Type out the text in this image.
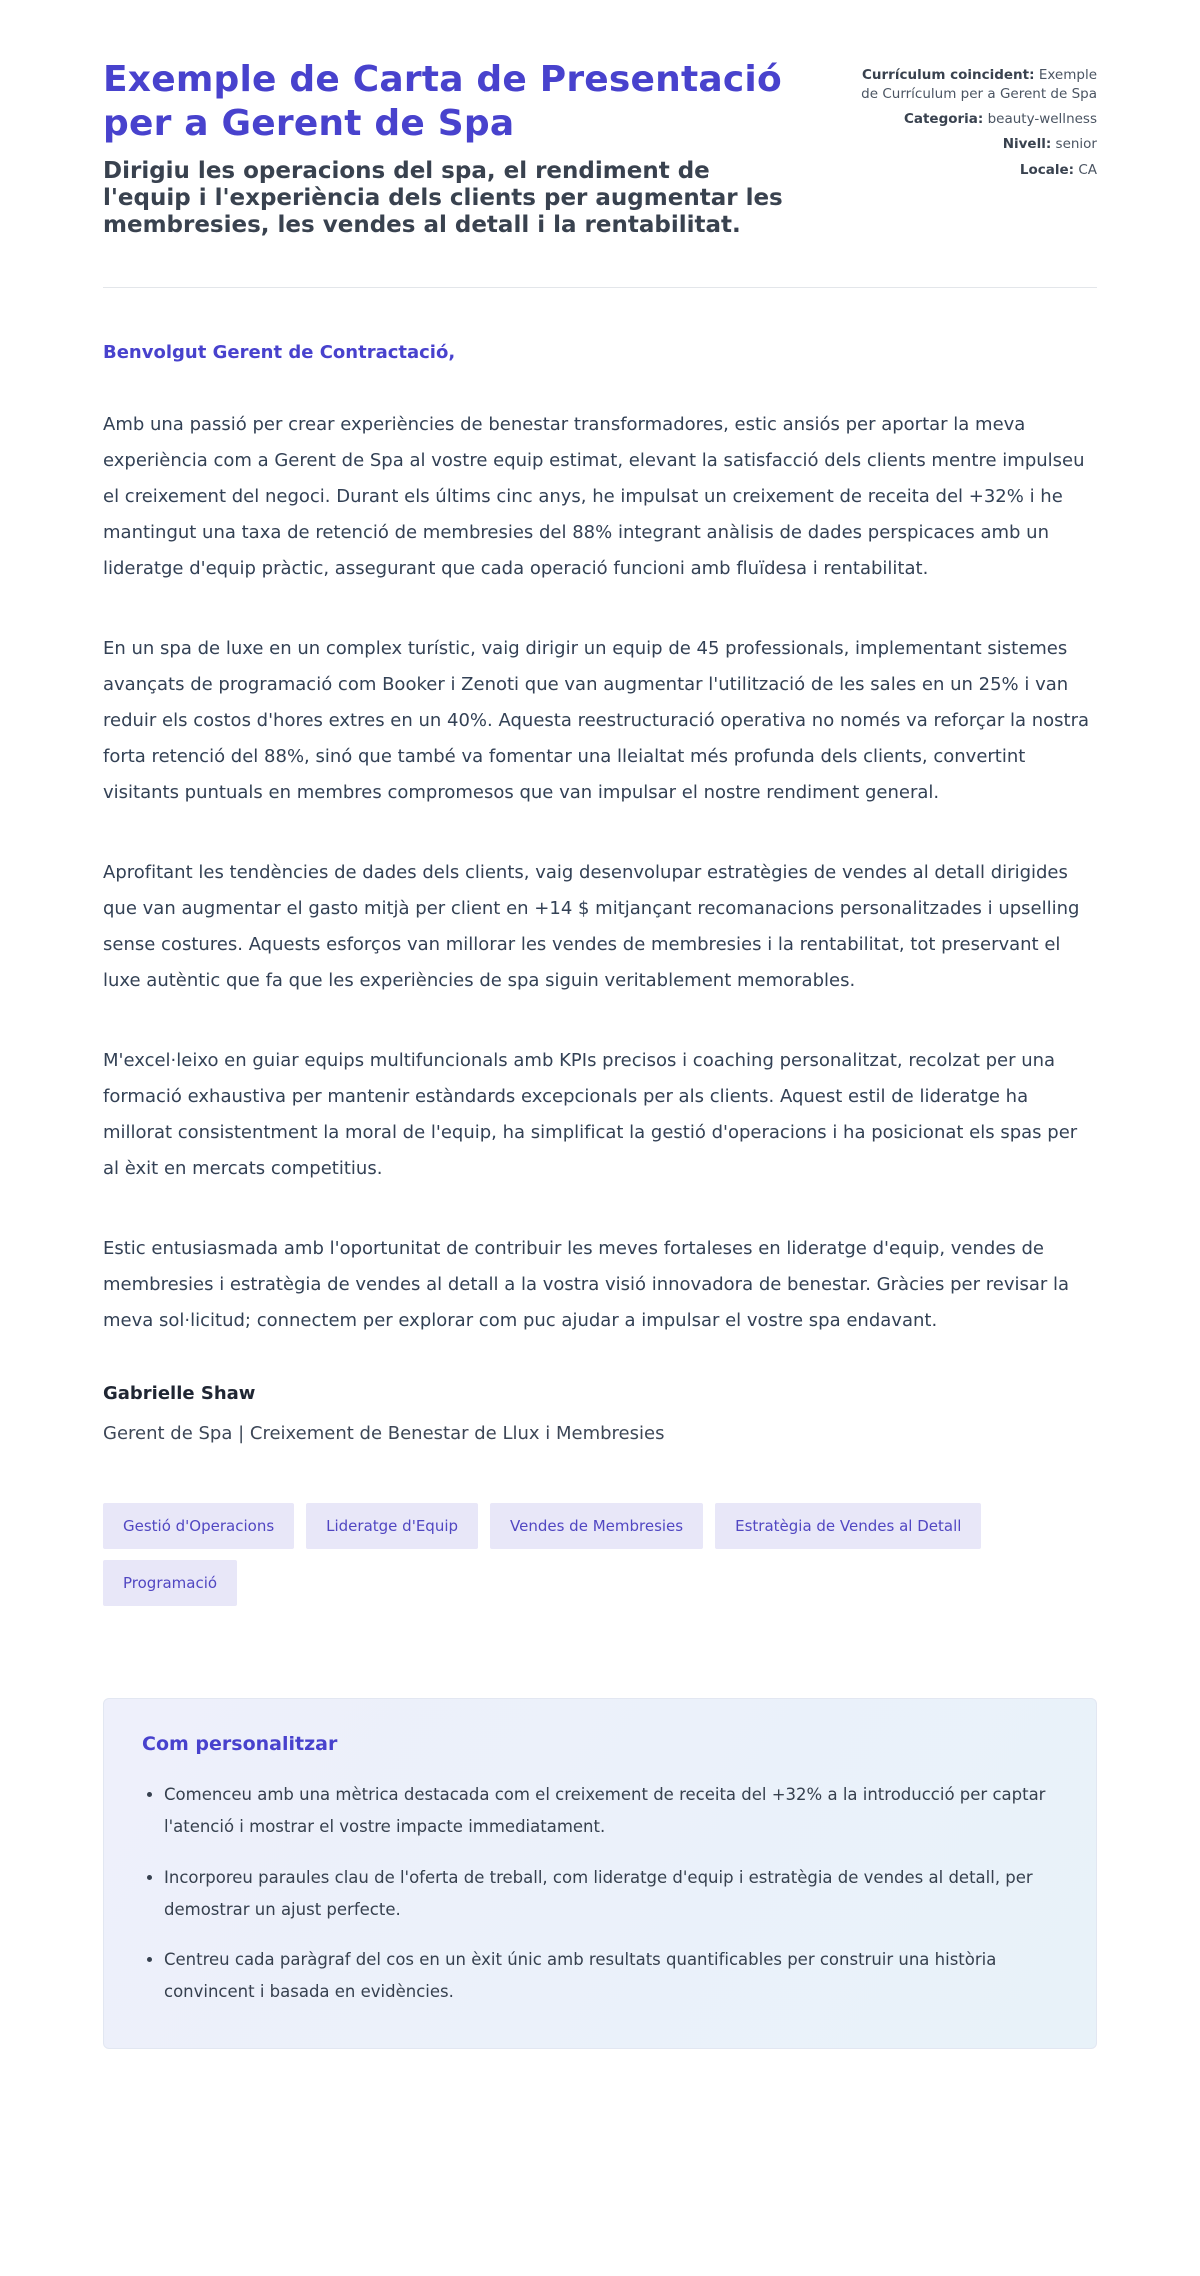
Exemple de Carta de Presentació per a Gerent de Spa
Dirigiu les operacions del spa, el rendiment de l'equip i l'experiència dels clients per augmentar les membresies, les vendes al detall i la rentabilitat.
Currículum coincident: Exemple de Currículum per a Gerent de Spa
Categoria: beauty-wellness
Nivell: senior
Locale: CA

Benvolgut Gerent de Contractació,

Amb una passió per crear experiències de benestar transformadores, estic ansiós per aportar la meva experiència com a Gerent de Spa al vostre equip estimat, elevant la satisfacció dels clients mentre impulseu el creixement del negoci. Durant els últims cinc anys, he impulsat un creixement de receita del +32% i he mantingut una taxa de retenció de membresies del 88% integrant anàlisis de dades perspicaces amb un lideratge d'equip pràctic, assegurant que cada operació funcioni amb fluïdesa i rentabilitat.

En un spa de luxe en un complex turístic, vaig dirigir un equip de 45 professionals, implementant sistemes avançats de programació com Booker i Zenoti que van augmentar l'utilització de les sales en un 25% i van reduir els costos d'hores extres en un 40%. Aquesta reestructuració operativa no només va reforçar la nostra forta retenció del 88%, sinó que també va fomentar una lleialtat més profunda dels clients, convertint visitants puntuals en membres compromesos que van impulsar el nostre rendiment general.

Aprofitant les tendències de dades dels clients, vaig desenvolupar estratègies de vendes al detall dirigides que van augmentar el gasto mitjà per client en +14 $ mitjançant recomanacions personalitzades i upselling sense costures. Aquests esforços van millorar les vendes de membresies i la rentabilitat, tot preservant el luxe autèntic que fa que les experiències de spa siguin veritablement memorables.

M'excel·leixo en guiar equips multifuncionals amb KPIs precisos i coaching personalitzat, recolzat per una formació exhaustiva per mantenir estàndards excepcionals per als clients. Aquest estil de lideratge ha millorat consistentment la moral de l'equip, ha simplificat la gestió d'operacions i ha posicionat els spas per al èxit en mercats competitius.

Estic entusiasmada amb l'oportunitat de contribuir les meves fortaleses en lideratge d'equip, vendes de membresies i estratègia de vendes al detall a la vostra visió innovadora de benestar. Gràcies per revisar la meva sol·licitud; connectem per explorar com puc ajudar a impulsar el vostre spa endavant.

Gabrielle Shaw

Gerent de Spa | Creixement de Benestar de Llux i Membresies

Gestió d'Operacions	Lideratge d'Equip	Vendes de Membresies	Estratègia de Vendes al Detall
Programació
Com personalitzar
• Comenceu amb una mètrica destacada com el creixement de receita del +32% a la introducció per captar l'atenció i mostrar el vostre impacte immediatament.
• Incorporeu paraules clau de l'oferta de treball, com lideratge d'equip i estratègia de vendes al detall, per demostrar un ajust perfecte.
• Centreu cada paràgraf del cos en un èxit únic amb resultats quantificables per construir una història convincent i basada en evidències.
